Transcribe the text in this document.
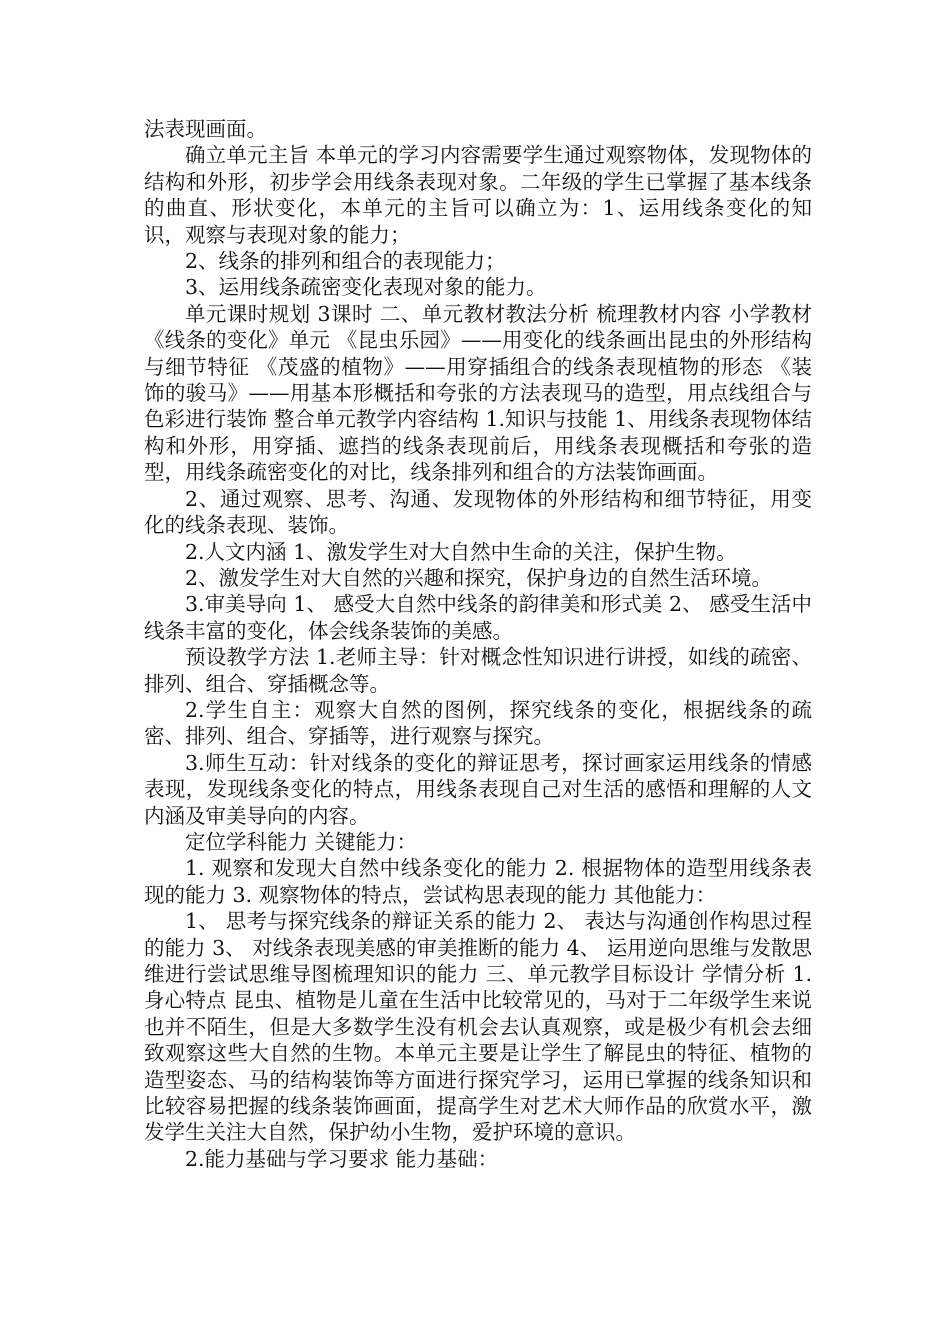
法表现画面。

确立单元主旨 本单元的学习内容需要学生通过观察物体，发现物体的结构和外形，初步学会用线条表现对象。二年级的学生已掌握了基本线条的曲直、形状变化，本单元的主旨可以确立为：1、运用线条变化的知识，观察与表现对象的能力；

2、线条的排列和组合的表现能力；

3、运用线条疏密变化表现对象的能力。

单元课时规划 3课时 二、单元教材教法分析 梳理教材内容 小学教材《线条的变化》单元 《昆虫乐园》——用变化的线条画出昆虫的外形结构与细节特征 《茂盛的植物》——用穿插组合的线条表现植物的形态 《装饰的骏马》——用基本形概括和夸张的方法表现马的造型，用点线组合与色彩进行装饰 整合单元教学内容结构 1.知识与技能 1、用线条表现物体结构和外形，用穿插、遮挡的线条表现前后，用线条表现概括和夸张的造型，用线条疏密变化的对比，线条排列和组合的方法装饰画面。

2、通过观察、思考、沟通、发现物体的外形结构和细节特征，用变化的线条表现、装饰。

2.人文内涵 1、激发学生对大自然中生命的关注，保护生物。

2、激发学生对大自然的兴趣和探究，保护身边的自然生活环境。

3.审美导向 1、 感受大自然中线条的韵律美和形式美 2、 感受生活中线条丰富的变化，体会线条装饰的美感。

预设教学方法 1.老师主导：针对概念性知识进行讲授，如线的疏密、排列、组合、穿插概念等。

2.学生自主：观察大自然的图例，探究线条的变化，根据线条的疏密、排列、组合、穿插等，进行观察与探究。

3.师生互动：针对线条的变化的辩证思考，探讨画家运用线条的情感表现，发现线条变化的特点，用线条表现自己对生活的感悟和理解的人文内涵及审美导向的内容。

定位学科能力 关键能力：

1. 观察和发现大自然中线条变化的能力 2. 根据物体的造型用线条表现的能力 3. 观察物体的特点，尝试构思表现的能力 其他能力：

1、 思考与探究线条的辩证关系的能力 2、 表达与沟通创作构思过程的能力 3、 对线条表现美感的审美推断的能力 4、 运用逆向思维与发散思维进行尝试思维导图梳理知识的能力 三、单元教学目标设计 学情分析 1.身心特点 昆虫、植物是儿童在生活中比较常见的，马对于二年级学生来说也并不陌生，但是大多数学生没有机会去认真观察，或是极少有机会去细致观察这些大自然的生物。本单元主要是让学生了解昆虫的特征、植物的造型姿态、马的结构装饰等方面进行探究学习，运用已掌握的线条知识和比较容易把握的线条装饰画面，提高学生对艺术大师作品的欣赏水平，激发学生关注大自然，保护幼小生物，爱护环境的意识。

2.能力基础与学习要求 能力基础：
